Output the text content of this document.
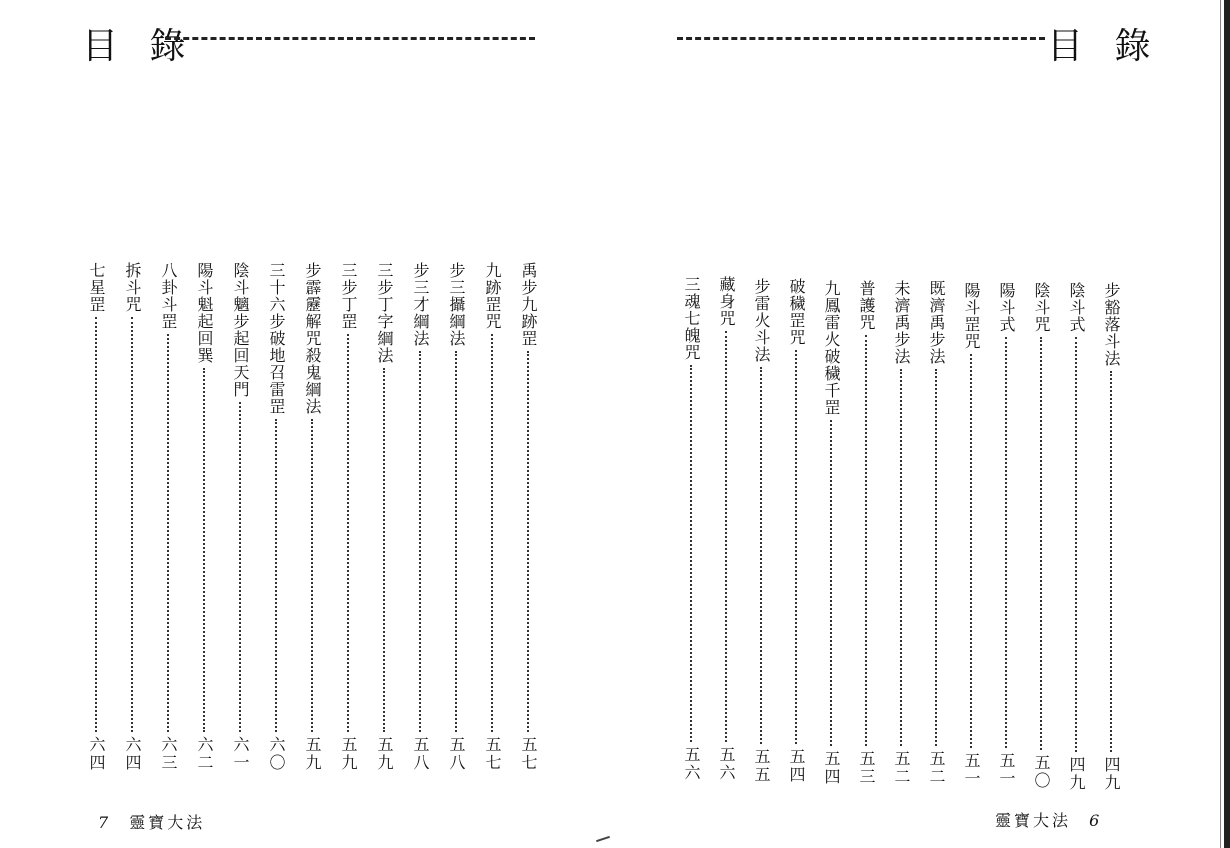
目 錄
禹步九跡罡
五七
九跡罡咒
五七
步三攝綱法
五八
步三才綱法
五八
三步丁字綱法
五九
三步丁罡
五九
步霹靂解咒殺鬼綱法
五九
三十六步破地召雷罡
六〇
陰斗魑步起回天門
六一
陽斗魁起回巽
六二
八卦斗罡
六三
拆斗咒
六四
七星罡
六四
7 靈寶大法
目 錄
步豁落斗法
四九
陰斗式
四九
陰斗咒
五〇
陽斗式
五一
陽斗罡咒
五一
既濟禹步法
五二
未濟禹步法
五二
普護咒
五三
九鳳雷火破穢千罡
五四
破穢罡咒
五四
步雷火斗法
五五
藏身咒
五六
三魂七魄咒
五六
靈寶大法 6
